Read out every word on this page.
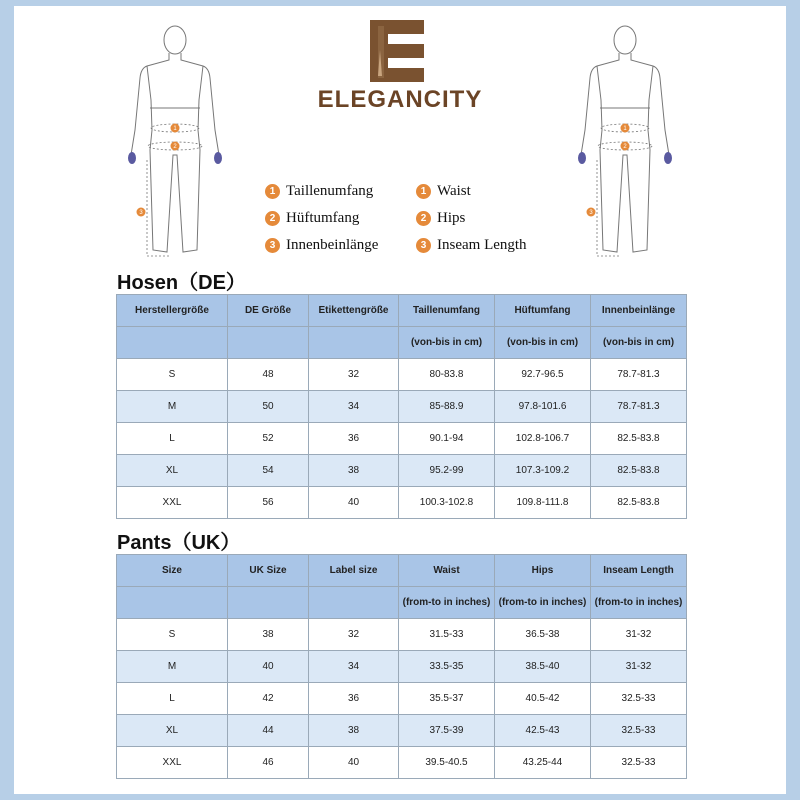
1
2
3
ELEGANCITY
1
2
3
1 Taillenumfang
2 Hüftumfang
3 Innenbeinlänge
1 Waist
2 Hips
3 Inseam Length
Hosen（DE）
Herstellergröße	DE Größe	Etikettengröße	Taillenumfang	Hüftumfang	Innenbeinlänge
			(von-bis in cm)	(von-bis in cm)	(von-bis in cm)
S	48	32	80-83.8	92.7-96.5	78.7-81.3
M	50	34	85-88.9	97.8-101.6	78.7-81.3
L	52	36	90.1-94	102.8-106.7	82.5-83.8
XL	54	38	95.2-99	107.3-109.2	82.5-83.8
XXL	56	40	100.3-102.8	109.8-111.8	82.5-83.8
Pants（UK）
Size	UK Size	Label size	Waist	Hips	Inseam Length
			(from-to in inches)	(from-to in inches)	(from-to in inches)
S	38	32	31.5-33	36.5-38	31-32
M	40	34	33.5-35	38.5-40	31-32
L	42	36	35.5-37	40.5-42	32.5-33
XL	44	38	37.5-39	42.5-43	32.5-33
XXL	46	40	39.5-40.5	43.25-44	32.5-33
